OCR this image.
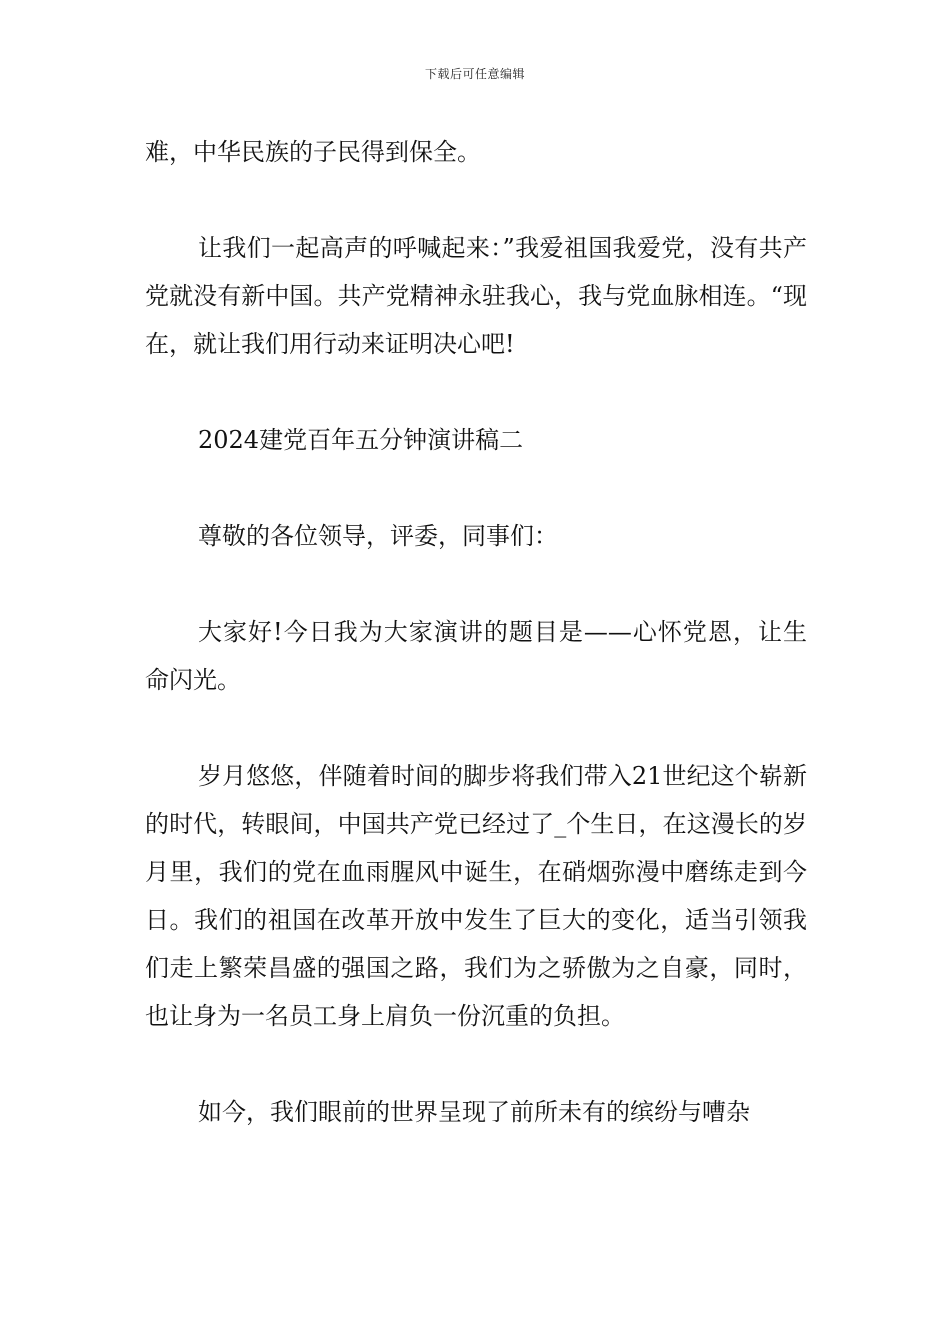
下载后可任意编辑

难，中华民族的子民得到保全。

让我们一起高声的呼喊起来：”我爱祖国我爱党，没有共产党就没有新中国。共产党精神永驻我心，我与党血脉相连。“现在，就让我们用行动来证明决心吧!

2024建党百年五分钟演讲稿二

尊敬的各位领导，评委，同事们：

大家好!今日我为大家演讲的题目是——心怀党恩，让生命闪光。

岁月悠悠，伴随着时间的脚步将我们带入21世纪这个崭新的时代，转眼间，中国共产党已经过了_个生日，在这漫长的岁月里，我们的党在血雨腥风中诞生，在硝烟弥漫中磨练走到今日。我们的祖国在改革开放中发生了巨大的变化，适当引领我们走上繁荣昌盛的强国之路，我们为之骄傲为之自豪，同时，也让身为一名员工身上肩负一份沉重的负担。

如今，我们眼前的世界呈现了前所未有的缤纷与嘈杂
